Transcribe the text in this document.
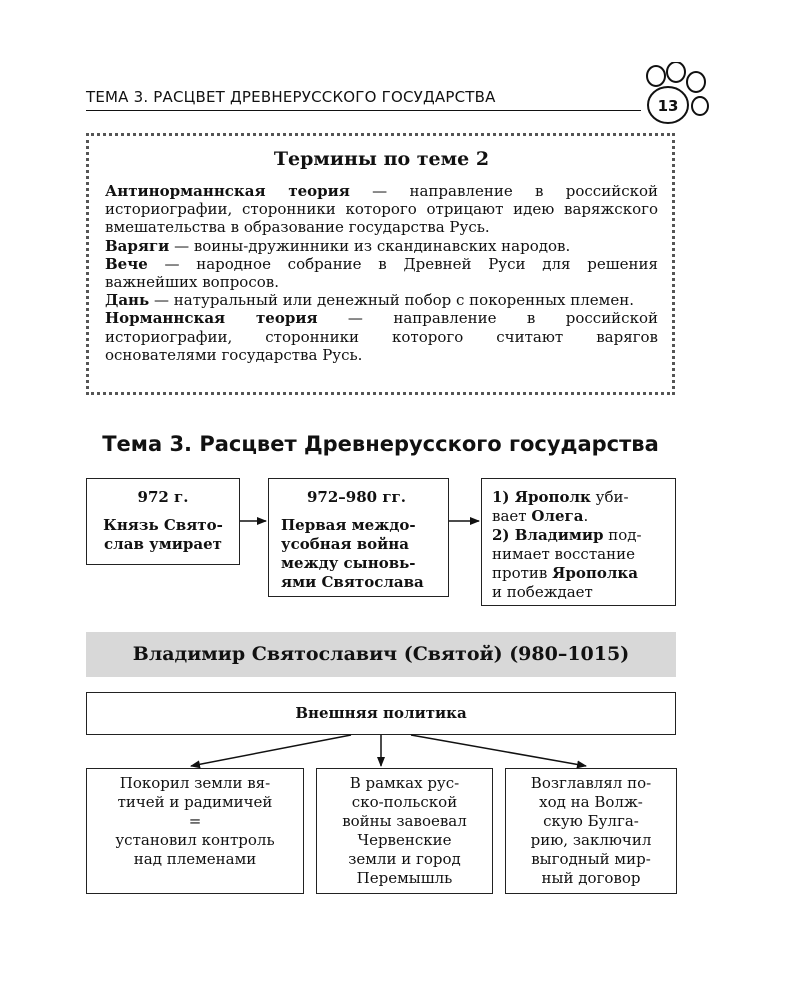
ТЕМА 3. РАСЦВЕТ ДРЕВНЕРУССКОГО ГОСУДАРСТВА	13
Термины по теме 2
Антинорманнская теория — направление в российской историографии, сторонники которого отрицают идею варяжского вмешательства в образование государства Русь.
Варяги — воины-дружинники из скандинавских народов.
Вече — народное собрание в Древней Руси для решения важнейших вопросов.
Дань — натуральный или денежный побор с покоренных племен.
Норманнская теория — направление в российской историографии, сторонники которого считают варягов основателями государства Русь.
Тема 3. Расцвет Древнерусского государства
972 г.
Князь Свято-
слав умирает
972–980 гг.
Первая междо-
усобная война
между сыновь-
ями Святослава
1) Ярополк уби-
вает Олега.
2) Владимир под-
нимает восстание
против Ярополка
и побеждает
Владимир Святославич (Святой) (980–1015)
Внешняя политика
Покорил земли вя-
тичей и радимичей
=
установил контроль
над племенами
В рамках рус-
ско-польской
войны завоевал
Червенские
земли и город
Перемышль
Возглавлял по-
ход на Волж-
скую Булга-
рию, заключил
выгодный мир-
ный договор
